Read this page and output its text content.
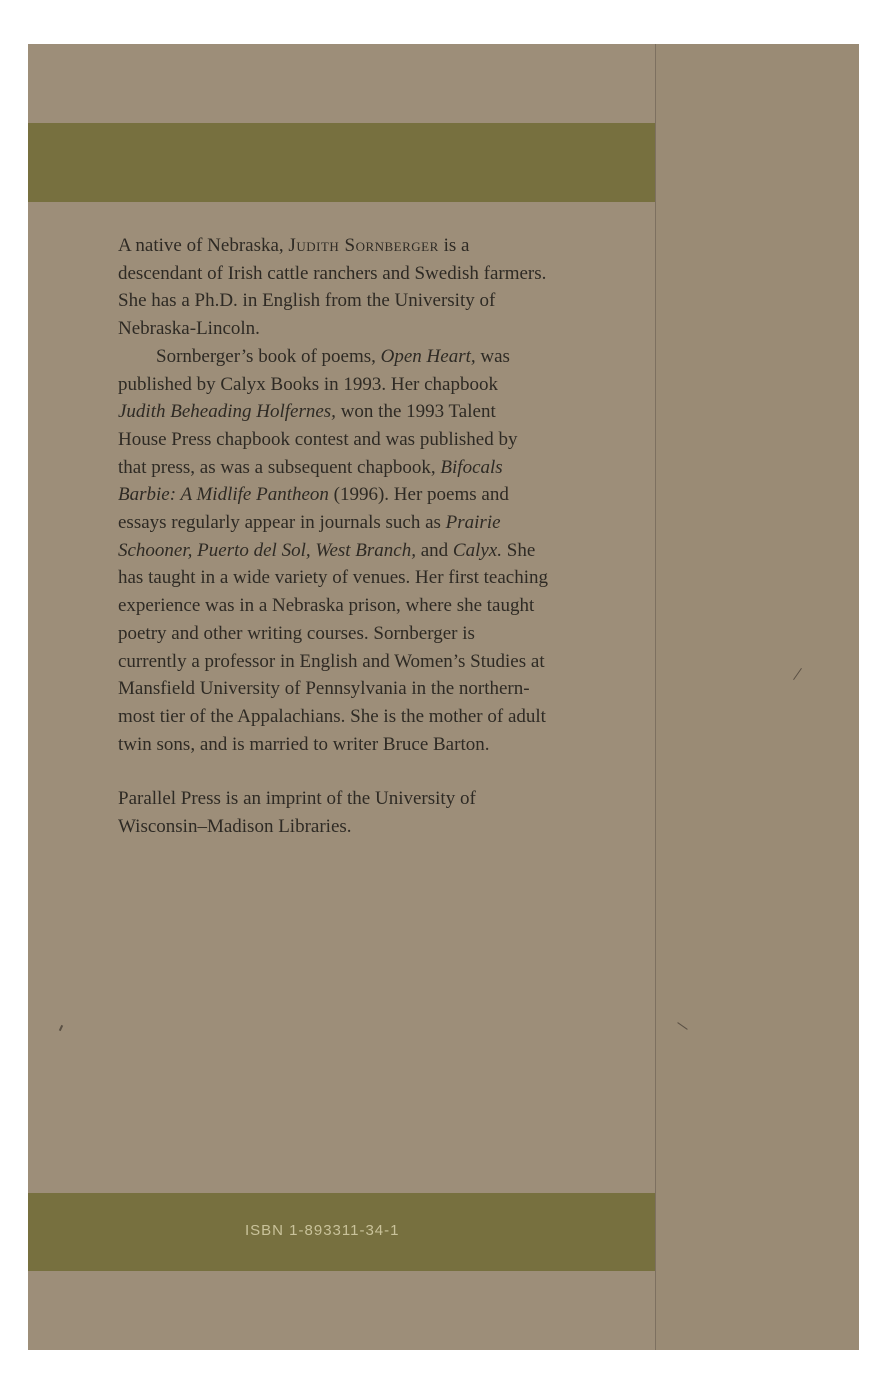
A native of Nebraska, Judith Sornberger is a descendant of Irish cattle ranchers and Swedish farmers. She has a Ph.D. in English from the University of Nebraska-Lincoln.

Sornberger’s book of poems, Open Heart, was published by Calyx Books in 1993. Her chapbook Judith Beheading Holfernes, won the 1993 Talent House Press chapbook contest and was published by that press, as was a subsequent chapbook, Bifocals Barbie: A Midlife Pantheon (1996). Her poems and essays regularly appear in journals such as Prairie Schooner, Puerto del Sol, West Branch, and Calyx. She has taught in a wide variety of venues. Her first teaching experience was in a Nebraska prison, where she taught poetry and other writing courses. Sornberger is currently a professor in English and Women’s Studies at Mansfield University of Pennsylvania in the northern-most tier of the Appalachians. She is the mother of adult twin sons, and is married to writer Bruce Barton.

Parallel Press is an imprint of the University of Wisconsin–Madison Libraries.

ISBN 1-893311-34-1
